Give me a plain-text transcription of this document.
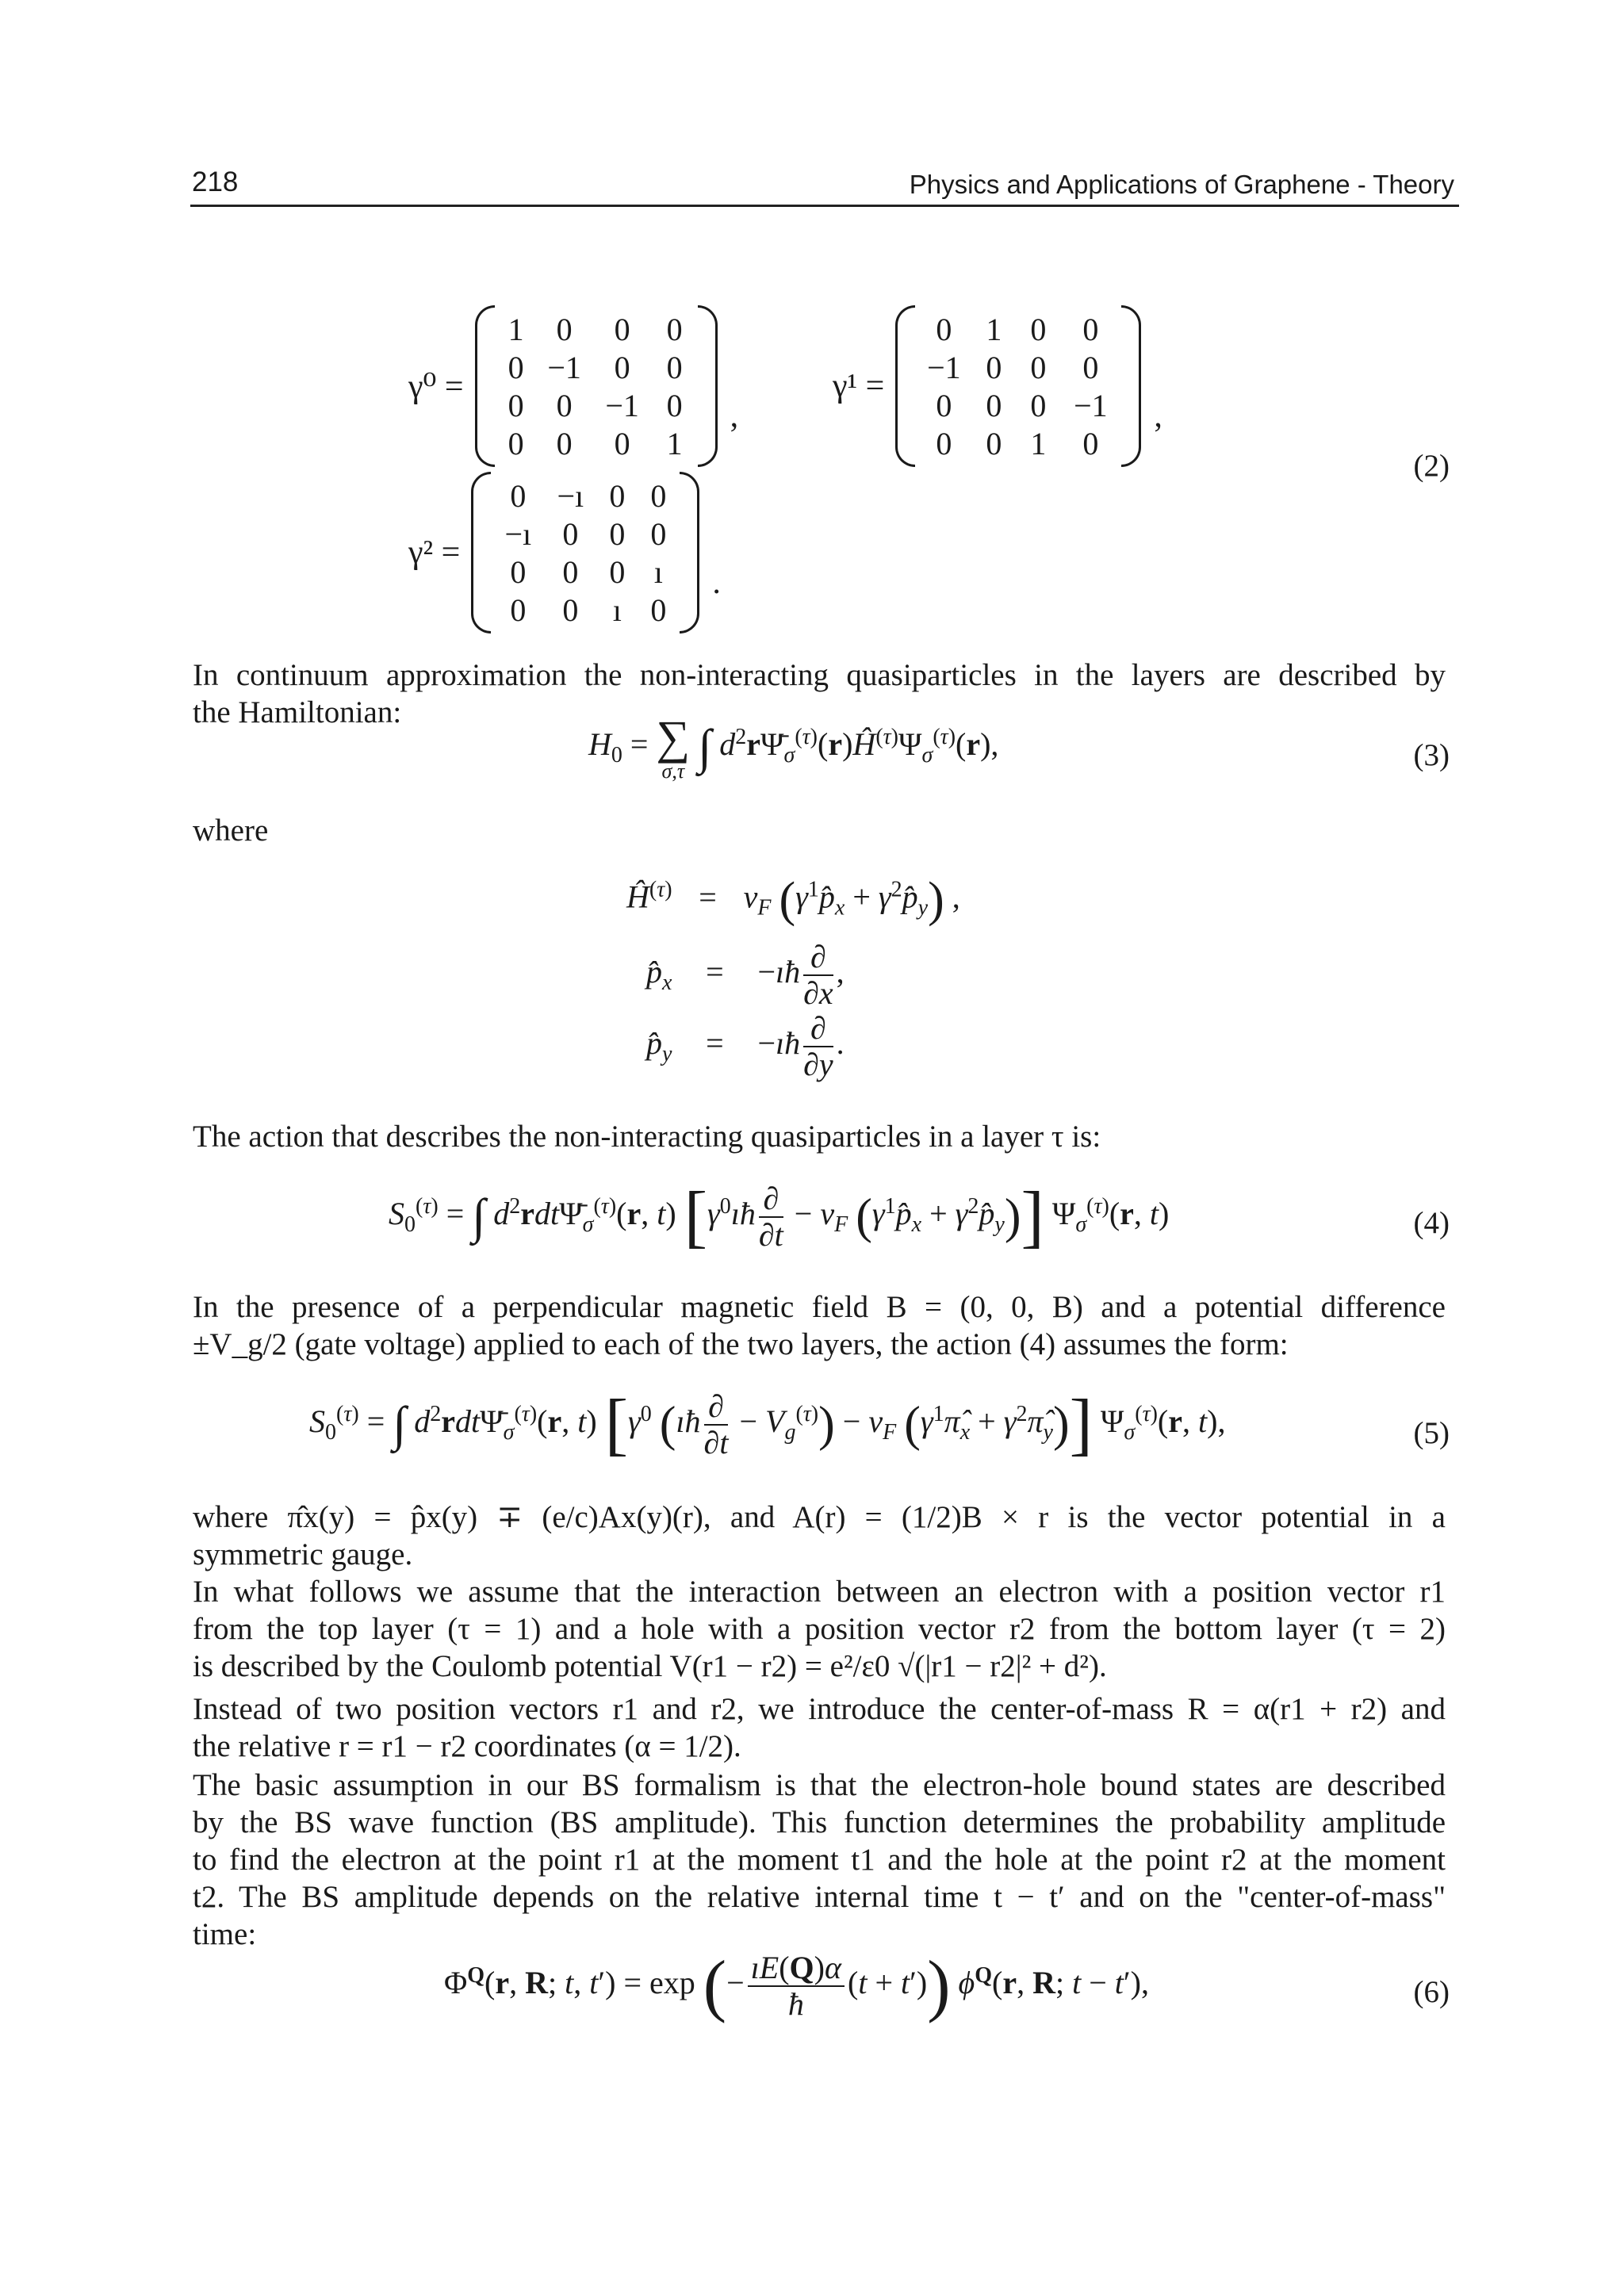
218	Physics and Applications of Graphene - Theory
γ⁰ =
1 0 0 0
0 −1 0 0
0 0 −1 0
0 0 0 1
,
γ¹ =
0 1 0 0
−1 0 0 0
0 0 0 −1
0 0 1 0
,
γ² =
0 −ı 0 0
−ı 0 0 0
0 0 0 ı
0 0 ı 0
.
(2)
In continuum approximation the non-interacting quasiparticles in the layers are described by
the Hamiltonian:
$H_0$ = ∑
σ,τ ∫ $d^2r\Psī_\sigma^{(\tau)}(r)Ĥ^{(\tau)}\Psi_\sigma^{(\tau)}(r)$,	(3)
where
$Ĥ^{(\tau)} = v_F$ ($\gamma^1p̂_x$ + $\gamma^2p̂_y$) ,
$p̂_x$ = −ıħ $\frac{\partial}{\partial x}$ ,
$p̂_y$ = −ıħ $\frac{\partial}{\partial y}$ .
The action that describes the non-interacting quasiparticles in a layer τ is:
$S_0^{(\tau)}$ = ∫ $d^2rdt\Psī_\sigma^{(\tau)}(r$, t) [$\gamma^0ıħ \frac{\partial}{\partial t} - v_F$ ($\gamma^1p̂_x$ + $\gamma^2p̂_y$)] $\Psi_\sigma^{(\tau)}(r$, t)	(4)
In the presence of a perpendicular magnetic field B = (0, 0, B) and a potential difference
±V_g/2 (gate voltage) applied to each of the two layers, the action (4) assumes the form:
$S_0^{(\tau)}$ = ∫ $d^2rdt\Psī_\sigma^{(\tau)}(r$, t) [$\gamma^0$ (ıħ $\frac{\partial}{\partial t} - V_g^{(\tau)}) - v_F$ ($\gamma^1\pî_x$ + $\gamma^2\pî_y$)] $\Psi_\sigma^{(\tau)}(r$, t),	(5)
where π̂x(y) = p̂x(y) ∓ (e/c)Ax(y)(r), and A(r) = (1/2)B × r is the vector potential in a
symmetric gauge.
In what follows we assume that the interaction between an electron with a position vector r1
from the top layer (τ = 1) and a hole with a position vector r2 from the bottom layer (τ = 2)
is described by the Coulomb potential V(r1 − r2) = e²/ε0 √(|r1 − r2|² + d²).
Instead of two position vectors r1 and r2, we introduce the center-of-mass R = α(r1 + r2) and
the relative r = r1 − r2 coordinates (α = 1/2).
The basic assumption in our BS formalism is that the electron-hole bound states are described
by the BS wave function (BS amplitude). This function determines the probability amplitude
to find the electron at the point r1 at the moment t1 and the hole at the point r2 at the moment
t2. The BS amplitude depends on the relative internal time t − t′ and on the "center-of-mass"
time:
$\Phi^Q(r$, R; t, t′) = exp (− $\frac{ıE(Q)\alpha}{ħ} (t + t')$) $\phi^Q(r$, R; t − t′),	(6)
